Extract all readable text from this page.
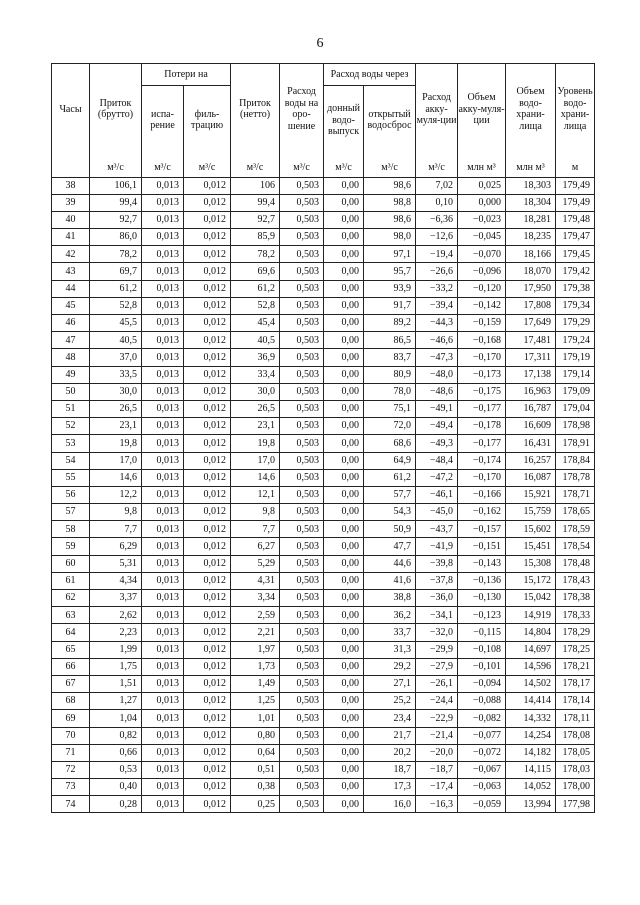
6
Часы	Приток (брутто)	Потери на		Приток (нетто)	Расход воды на оро-шение	Расход воды через		Расход акку-муля-ции	Объем акку-муля-ции	Объем водо-храни-лища	Уровень водо-храни-лища
		испа-рение	филь-трацию			донный водо-выпуск	открытый водосброс				
	м³/с	м³/с	м³/с	м³/с	м³/с	м³/с	м³/с	м³/с	млн м³	млн м³	м
38	106,1	0,013	0,012	106	0,503	0,00	98,6	7,02	0,025	18,303	179,49
39	99,4	0,013	0,012	99,4	0,503	0,00	98,8	0,10	0,000	18,304	179,49
40	92,7	0,013	0,012	92,7	0,503	0,00	98,6	−6,36	−0,023	18,281	179,48
41	86,0	0,013	0,012	85,9	0,503	0,00	98,0	−12,6	−0,045	18,235	179,47
42	78,2	0,013	0,012	78,2	0,503	0,00	97,1	−19,4	−0,070	18,166	179,45
43	69,7	0,013	0,012	69,6	0,503	0,00	95,7	−26,6	−0,096	18,070	179,42
44	61,2	0,013	0,012	61,2	0,503	0,00	93,9	−33,2	−0,120	17,950	179,38
45	52,8	0,013	0,012	52,8	0,503	0,00	91,7	−39,4	−0,142	17,808	179,34
46	45,5	0,013	0,012	45,4	0,503	0,00	89,2	−44,3	−0,159	17,649	179,29
47	40,5	0,013	0,012	40,5	0,503	0,00	86,5	−46,6	−0,168	17,481	179,24
48	37,0	0,013	0,012	36,9	0,503	0,00	83,7	−47,3	−0,170	17,311	179,19
49	33,5	0,013	0,012	33,4	0,503	0,00	80,9	−48,0	−0,173	17,138	179,14
50	30,0	0,013	0,012	30,0	0,503	0,00	78,0	−48,6	−0,175	16,963	179,09
51	26,5	0,013	0,012	26,5	0,503	0,00	75,1	−49,1	−0,177	16,787	179,04
52	23,1	0,013	0,012	23,1	0,503	0,00	72,0	−49,4	−0,178	16,609	178,98
53	19,8	0,013	0,012	19,8	0,503	0,00	68,6	−49,3	−0,177	16,431	178,91
54	17,0	0,013	0,012	17,0	0,503	0,00	64,9	−48,4	−0,174	16,257	178,84
55	14,6	0,013	0,012	14,6	0,503	0,00	61,2	−47,2	−0,170	16,087	178,78
56	12,2	0,013	0,012	12,1	0,503	0,00	57,7	−46,1	−0,166	15,921	178,71
57	9,8	0,013	0,012	9,8	0,503	0,00	54,3	−45,0	−0,162	15,759	178,65
58	7,7	0,013	0,012	7,7	0,503	0,00	50,9	−43,7	−0,157	15,602	178,59
59	6,29	0,013	0,012	6,27	0,503	0,00	47,7	−41,9	−0,151	15,451	178,54
60	5,31	0,013	0,012	5,29	0,503	0,00	44,6	−39,8	−0,143	15,308	178,48
61	4,34	0,013	0,012	4,31	0,503	0,00	41,6	−37,8	−0,136	15,172	178,43
62	3,37	0,013	0,012	3,34	0,503	0,00	38,8	−36,0	−0,130	15,042	178,38
63	2,62	0,013	0,012	2,59	0,503	0,00	36,2	−34,1	−0,123	14,919	178,33
64	2,23	0,013	0,012	2,21	0,503	0,00	33,7	−32,0	−0,115	14,804	178,29
65	1,99	0,013	0,012	1,97	0,503	0,00	31,3	−29,9	−0,108	14,697	178,25
66	1,75	0,013	0,012	1,73	0,503	0,00	29,2	−27,9	−0,101	14,596	178,21
67	1,51	0,013	0,012	1,49	0,503	0,00	27,1	−26,1	−0,094	14,502	178,17
68	1,27	0,013	0,012	1,25	0,503	0,00	25,2	−24,4	−0,088	14,414	178,14
69	1,04	0,013	0,012	1,01	0,503	0,00	23,4	−22,9	−0,082	14,332	178,11
70	0,82	0,013	0,012	0,80	0,503	0,00	21,7	−21,4	−0,077	14,254	178,08
71	0,66	0,013	0,012	0,64	0,503	0,00	20,2	−20,0	−0,072	14,182	178,05
72	0,53	0,013	0,012	0,51	0,503	0,00	18,7	−18,7	−0,067	14,115	178,03
73	0,40	0,013	0,012	0,38	0,503	0,00	17,3	−17,4	−0,063	14,052	178,00
74	0,28	0,013	0,012	0,25	0,503	0,00	16,0	−16,3	−0,059	13,994	177,98
